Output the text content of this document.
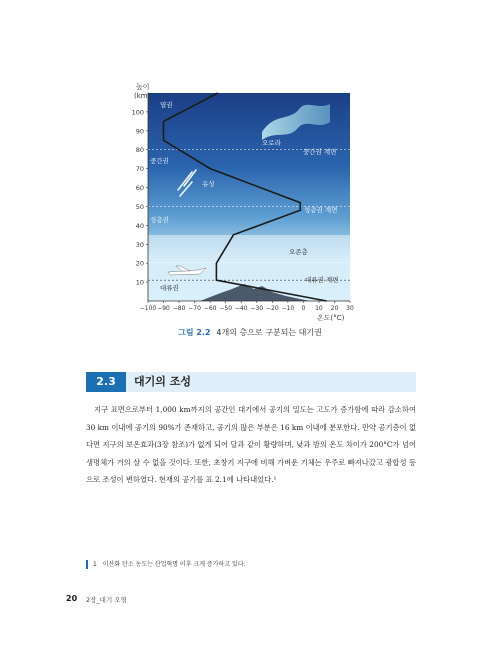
높이
(km)
100
90
80
70
60
50
40
30
20
10
−100 −90 −80 −70 −60 −50 −40 −30 −20 −10 0 10 20 30
온도(°C)
열권
중간권
성층권
대류권
중간권 계면
성층권 계면
대류권 계면
오로라
유성
오존층
그림 2.2 4개의 층으로 구분되는 대기권
2.3	대기의 조성

지구 표면으로부터 1,000 km까지의 공간인 대기에서 공기의 밀도는 고도가 증가함에 따라 감소하여 30 km 이내에 공기의 90%가 존재하고, 공기의 많은 부분은 16 km 이내에 분포한다. 만약 공기층이 없다면 지구의 보온효과(3장 참조)가 없게 되어 달과 같이 황량하며, 낮과 밤의 온도 차이가 200°C가 넘어 생명체가 거의 살 수 없을 것이다. 또한, 초창기 지구에 비해 가벼운 기체는 우주로 빠져나갔고 광합성 등으로 조성이 변하였다. 현재의 공기를 표 2.1에 나타내었다.¹

1 이산화 탄소 농도는 산업혁명 이후 크게 증가하고 있다.
20 2장_대기 오염
